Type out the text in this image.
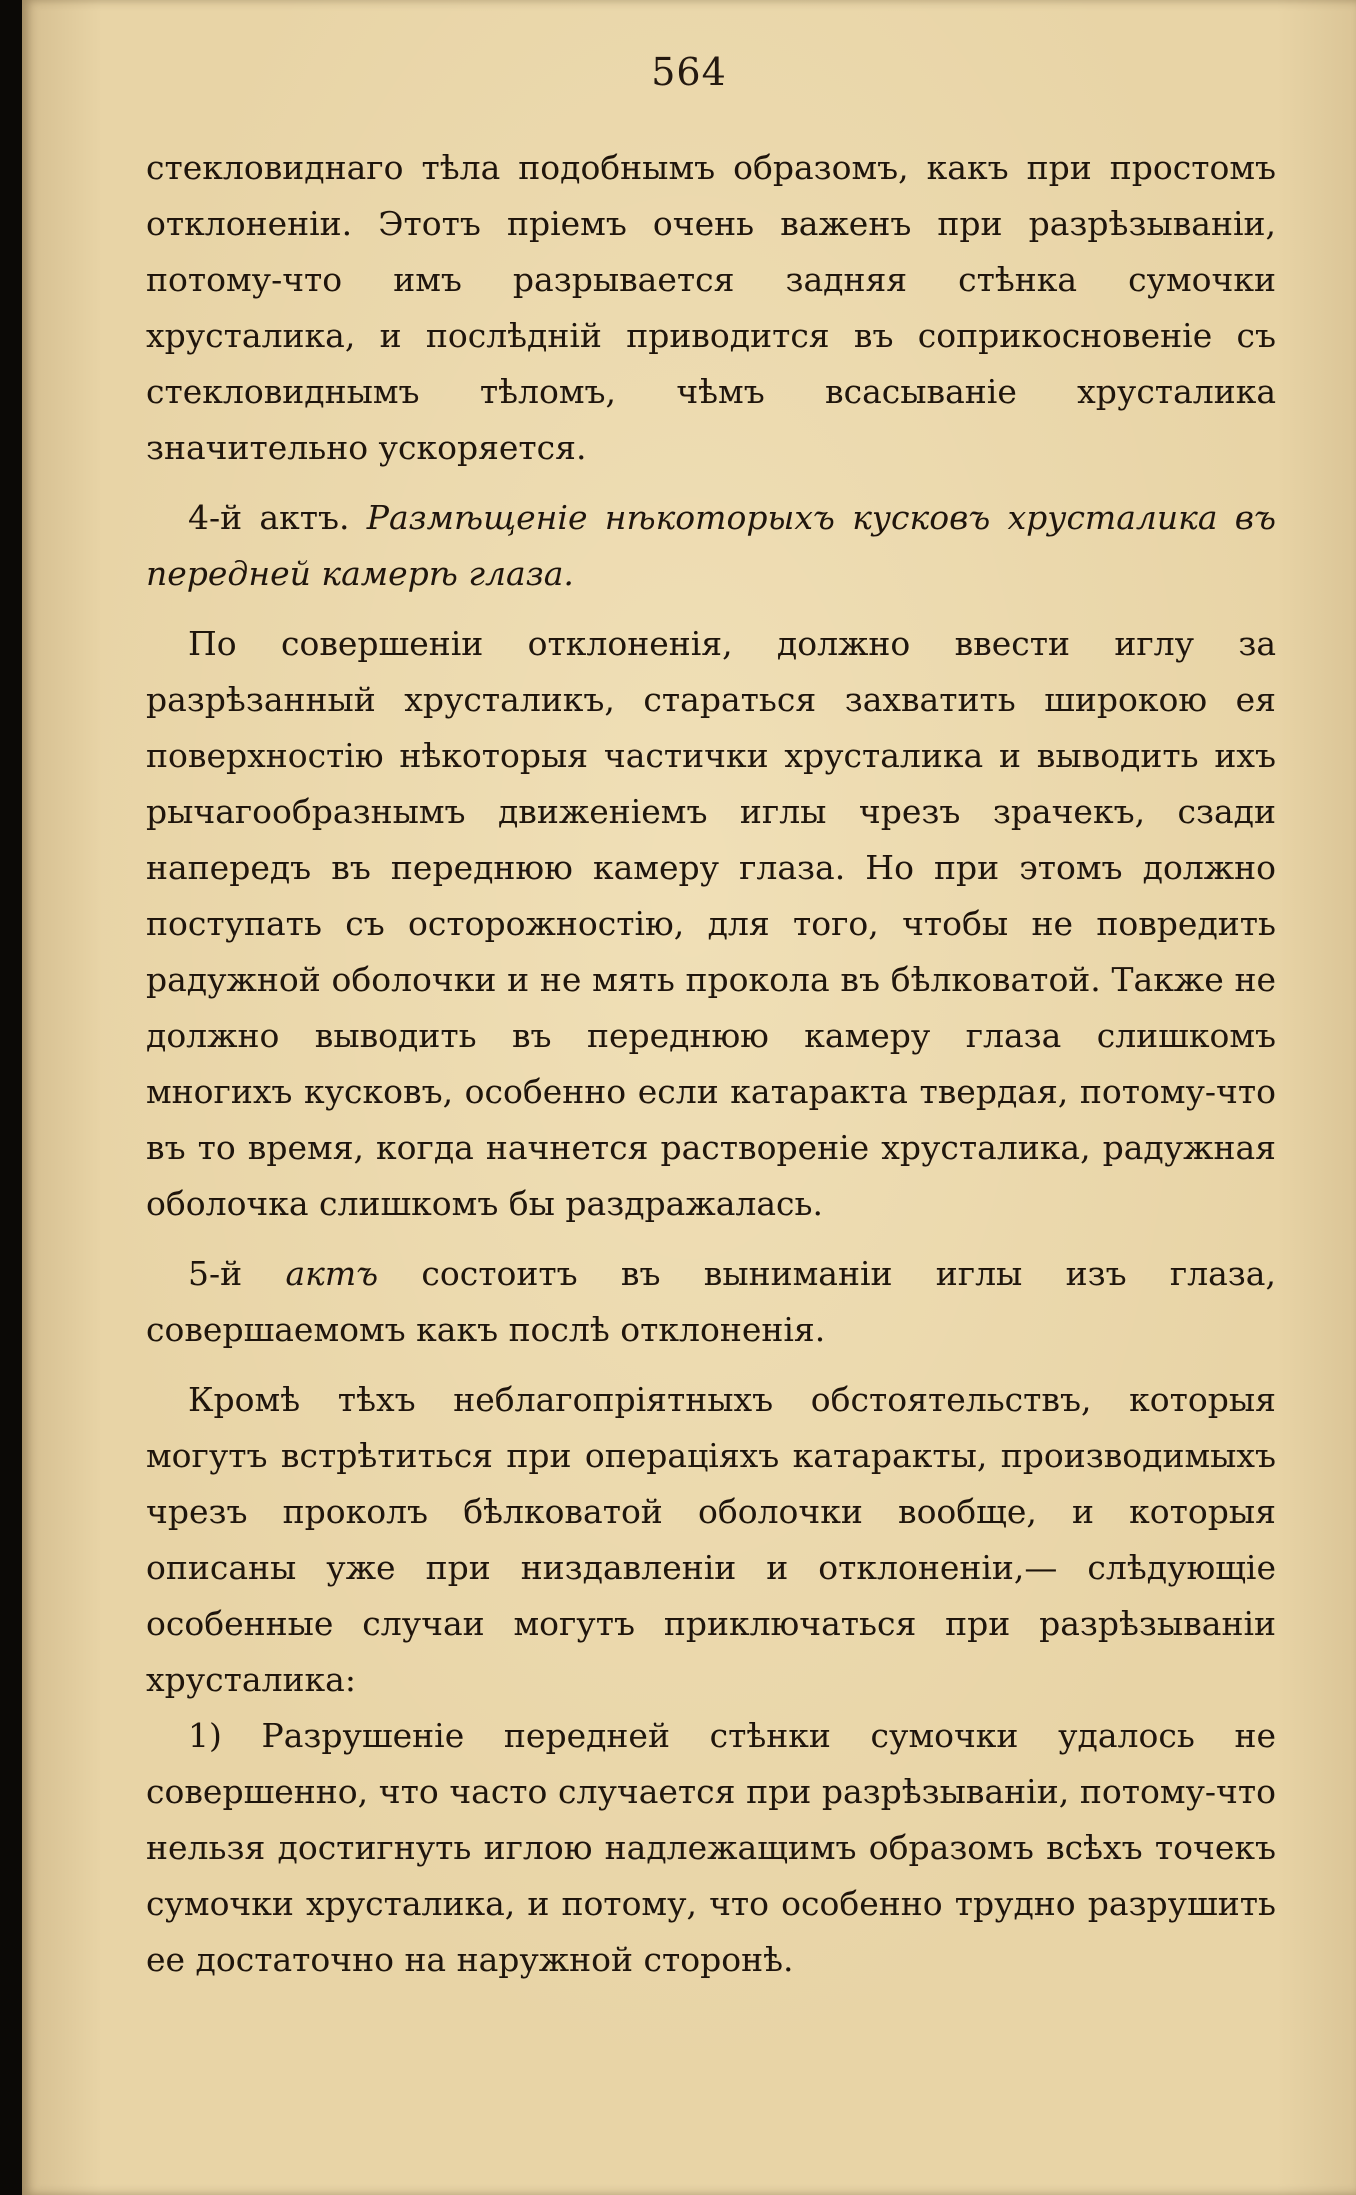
564

стекловиднаго тѣла подобнымъ образомъ, какъ при простомъ отклоненіи. Этотъ пріемъ очень важенъ при разрѣзываніи, потому-что имъ разрывается задняя стѣнка сумочки хрусталика, и послѣдній приводится въ соприкосновеніе съ стекловиднымъ тѣломъ, чѣмъ всасываніе хрусталика значительно ускоряется.

4-й актъ. Размѣщеніе нѣкоторыхъ кусковъ хрусталика въ передней камерѣ глаза.

По совершеніи отклоненія, должно ввести иглу за разрѣзанный хрусталикъ, стараться захватить широкою ея поверхностію нѣкоторыя частички хрусталика и выводить ихъ рычагообразнымъ движеніемъ иглы чрезъ зрачекъ, сзади напередъ въ переднюю камеру глаза. Но при этомъ должно поступать съ осторожностію, для того, чтобы не повредить радужной оболочки и не мять прокола въ бѣлковатой. Также не должно выводить въ переднюю камеру глаза слишкомъ многихъ кусковъ, особенно если катаракта твердая, потому-что въ то время, когда начнется раствореніе хрусталика, радужная оболочка слишкомъ бы раздражалась.

5-й актъ состоитъ въ выниманіи иглы изъ глаза, совершаемомъ какъ послѣ отклоненія.

Кромѣ тѣхъ неблагопріятныхъ обстоятельствъ, которыя могутъ встрѣтиться при операціяхъ катаракты, производимыхъ чрезъ проколъ бѣлковатой оболочки вообще, и которыя описаны уже при низдавленіи и отклоненіи,— слѣдующіе особенные случаи могутъ приключаться при разрѣзываніи хрусталика:

1) Разрушеніе передней стѣнки сумочки удалось не совершенно, что часто случается при разрѣзываніи, потому-что нельзя достигнуть иглою надлежащимъ образомъ всѣхъ точекъ сумочки хрусталика, и потому, что особенно трудно разрушить ее достаточно на наружной сторонѣ.
